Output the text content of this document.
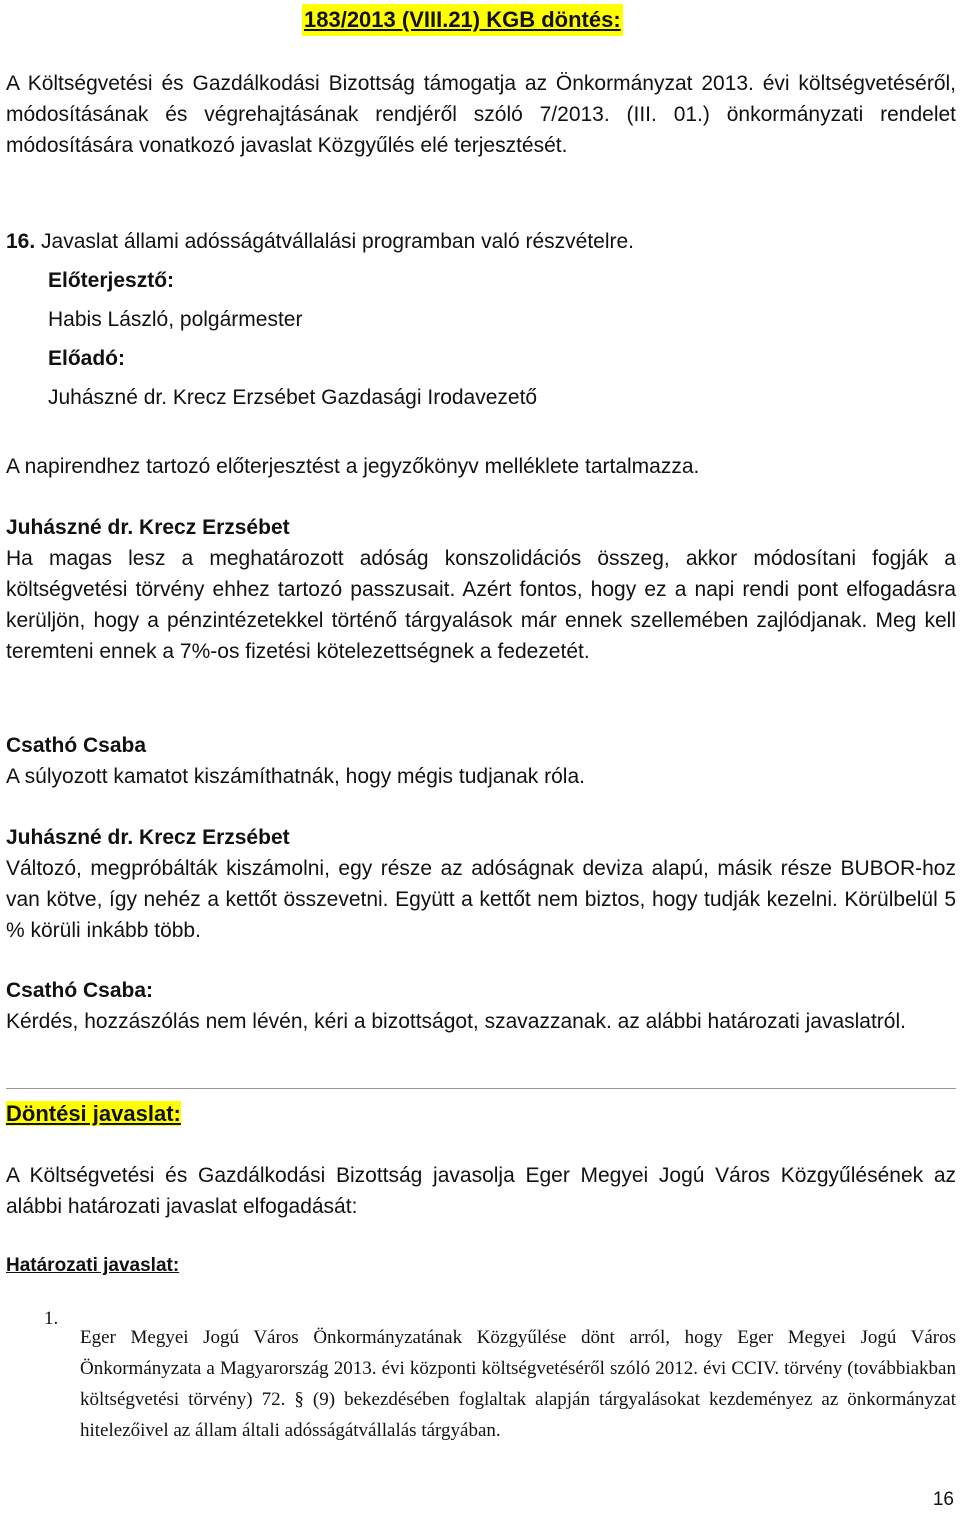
183/2013 (VIII.21) KGB döntés:

A Költségvetési és Gazdálkodási Bizottság támogatja az Önkormányzat 2013. évi költségvetéséről, módosításának és végrehajtásának rendjéről szóló 7/2013. (III. 01.) önkormányzati rendelet módosítására vonatkozó javaslat Közgyűlés elé terjesztését.

16. Javaslat állami adósságátvállalási programban való részvételre.

Előterjesztő:

Habis László, polgármester

Előadó:

Juhászné dr. Krecz Erzsébet Gazdasági Irodavezető

A napirendhez tartozó előterjesztést a jegyzőkönyv melléklete tartalmazza.

Juhászné dr. Krecz Erzsébet

Ha magas lesz a meghatározott adóság konszolidációs összeg, akkor módosítani fogják a költségvetési törvény ehhez tartozó passzusait. Azért fontos, hogy ez a napi rendi pont elfogadásra kerüljön, hogy a pénzintézetekkel történő tárgyalások már ennek szellemében zajlódjanak. Meg kell teremteni ennek a 7%-os fizetési kötelezettségnek a fedezetét.

Csathó Csaba

A súlyozott kamatot kiszámíthatnák, hogy mégis tudjanak róla.

Juhászné dr. Krecz Erzsébet

Változó, megpróbálták kiszámolni, egy része az adóságnak deviza alapú, másik része BUBOR-hoz van kötve, így nehéz a kettőt összevetni. Együtt a kettőt nem biztos, hogy tudják kezelni. Körülbelül 5 % körüli inkább több.

Csathó Csaba:

Kérdés, hozzászólás nem lévén, kéri a bizottságot, szavazzanak. az alábbi határozati javaslatról.

Döntési javaslat:

A Költségvetési és Gazdálkodási Bizottság javasolja Eger Megyei Jogú Város Közgyűlésének az alábbi határozati javaslat elfogadását:

Határozati javaslat:
1.

Eger Megyei Jogú Város Önkormányzatának Közgyűlése dönt arról, hogy Eger Megyei Jogú Város Önkormányzata a Magyarország 2013. évi központi költségvetéséről szóló 2012. évi CCIV. törvény (továbbiakban költségvetési törvény) 72. § (9) bekezdésében foglaltak alapján tárgyalásokat kezdeményez az önkormányzat hitelezőivel az állam általi adósságátvállalás tárgyában.

16
